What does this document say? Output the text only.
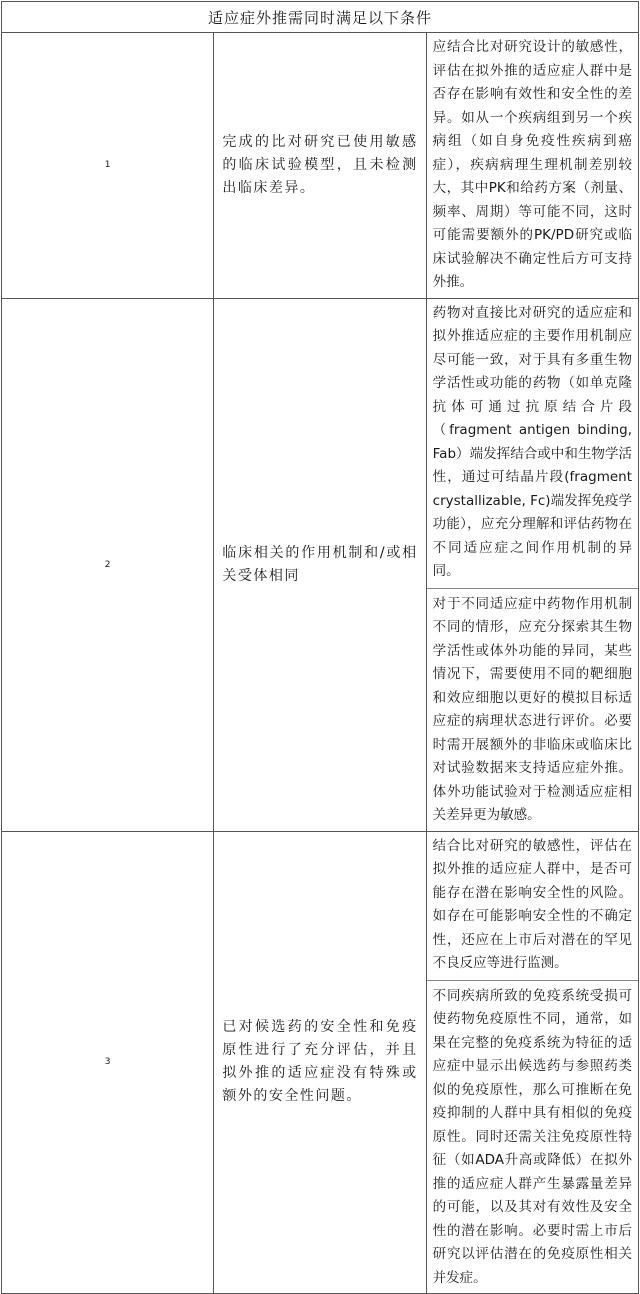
适应症外推需同时满足以下条件		
1	完成的比对研究已使用敏感的临床试验模型，且未检测出临床差异。	应结合比对研究设计的敏感性，评估在拟外推的适应症人群中是否存在影响有效性和安全性的差异。如从一个疾病组到另一个疾病组（如自身免疫性疾病到癌症），疾病病理生理机制差别较大，其中PK和给药方案（剂量、频率、周期）等可能不同，这时可能需要额外的PK/PD研究或临床试验解决不确定性后方可支持外推。

2	临床相关的作用机制和/或相关受体相同	药物对直接比对研究的适应症和拟外推适应症的主要作用机制应尽可能一致，对于具有多重生物学活性或功能的药物（如单克隆抗体可通过抗原结合片段（fragment antigen binding, Fab）端发挥结合或中和生物学活性，通过可结晶片段(fragment crystallizable, Fc)端发挥免疫学功能），应充分理解和评估药物在不同适应症之间作用机制的异同。

对于不同适应症中药物作用机制不同的情形，应充分探索其生物学活性或体外功能的异同，某些情况下，需要使用不同的靶细胞和效应细胞以更好的模拟目标适应症的病理状态进行评价。必要时需开展额外的非临床或临床比对试验数据来支持适应症外推。体外功能试验对于检测适应症相关差异更为敏感。

3	已对候选药的安全性和免疫原性进行了充分评估，并且拟外推的适应症没有特殊或额外的安全性问题。	结合比对研究的敏感性，评估在拟外推的适应症人群中，是否可能存在潜在影响安全性的风险。如存在可能影响安全性的不确定性，还应在上市后对潜在的罕见不良反应等进行监测。

不同疾病所致的免疫系统受损可使药物免疫原性不同，通常，如果在完整的免疫系统为特征的适应症中显示出候选药与参照药类似的免疫原性，那么可推断在免疫抑制的人群中具有相似的免疫原性。同时还需关注免疫原性特征（如ADA升高或降低）在拟外推的适应症人群产生暴露量差异的可能，以及其对有效性及安全性的潜在影响。必要时需上市后研究以评估潜在的免疫原性相关并发症。
